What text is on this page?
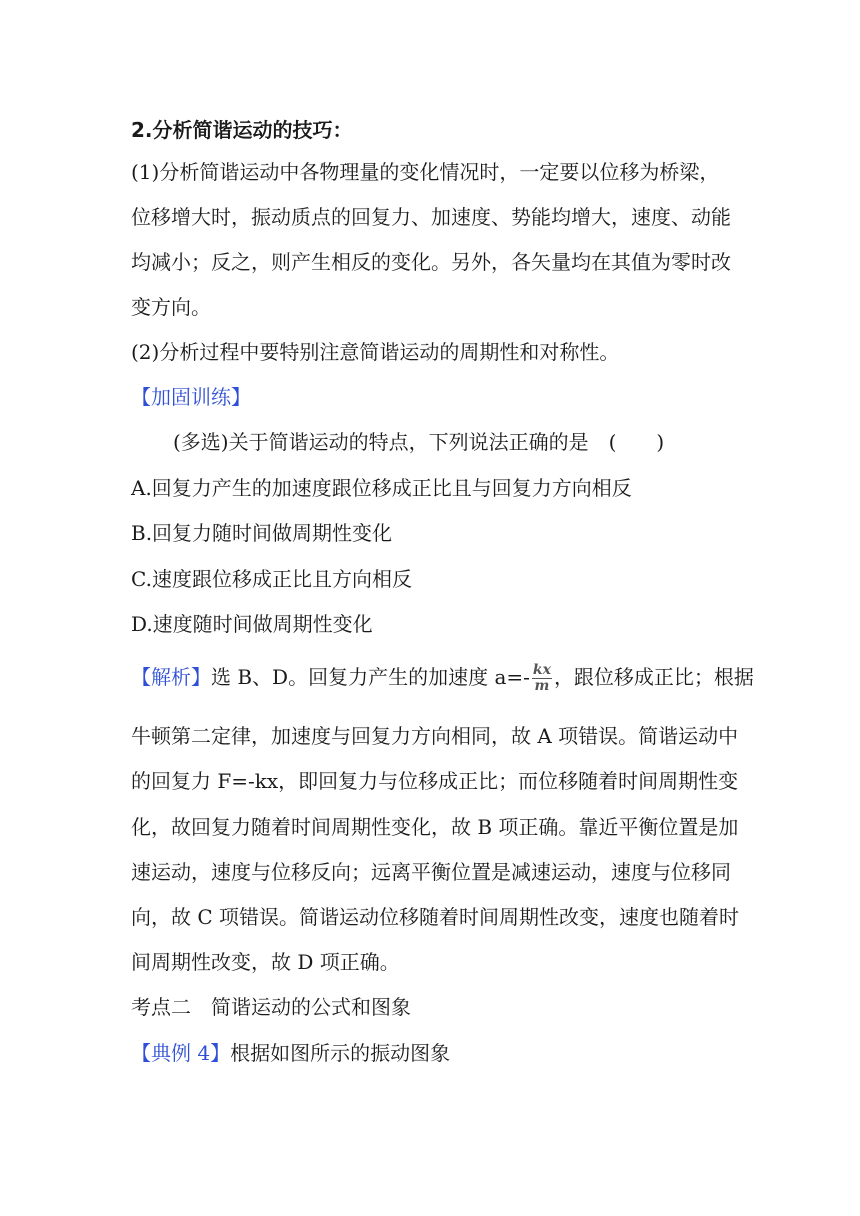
2.分析简谐运动的技巧：
(1)分析简谐运动中各物理量的变化情况时，一定要以位移为桥梁，
位移增大时，振动质点的回复力、加速度、势能均增大，速度、动能
均减小；反之，则产生相反的变化。另外，各矢量均在其值为零时改
变方向。
(2)分析过程中要特别注意简谐运动的周期性和对称性。
【加固训练】
(多选)关于简谐运动的特点，下列说法正确的是　(　　)
A.回复力产生的加速度跟位移成正比且与回复力方向相反
B.回复力随时间做周期性变化
C.速度跟位移成正比且方向相反
D.速度随时间做周期性变化
【解析】选 B、D。回复力产生的加速度 $a=- \frac{kx}{m}$ ，跟位移成正比；根据
牛顿第二定律，加速度与回复力方向相同，故 A 项错误。简谐运动中
的回复力 F=-kx，即回复力与位移成正比；而位移随着时间周期性变
化，故回复力随着时间周期性变化，故 B 项正确。靠近平衡位置是加
速运动，速度与位移反向；远离平衡位置是减速运动，速度与位移同
向，故 C 项错误。简谐运动位移随着时间周期性改变，速度也随着时
间周期性改变，故 D 项正确。
考点二　简谐运动的公式和图象
【典例 4】根据如图所示的振动图象
